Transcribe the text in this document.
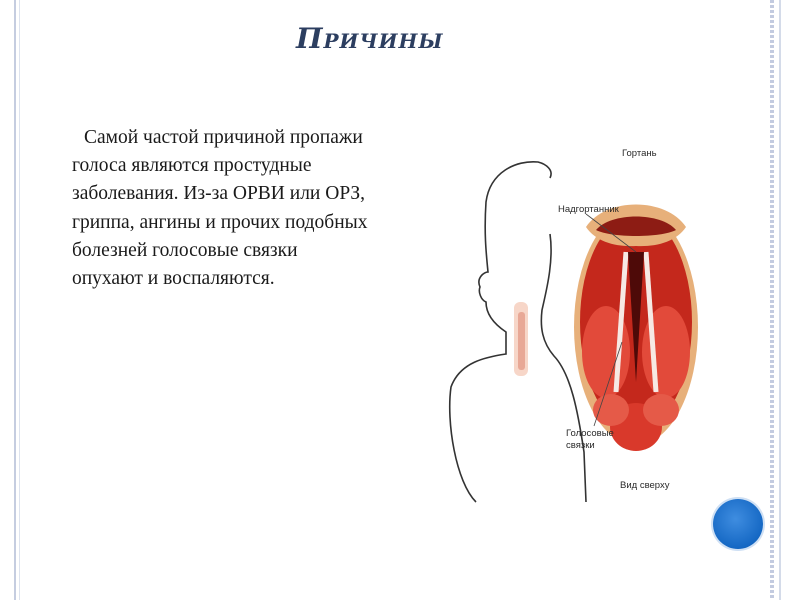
Причины
Самой частой причиной пропажи голоса являются простудные заболевания. Из-за ОРВИ или ОРЗ, гриппа, ангины и прочих подобных болезней голосовые связки опухают и воспаляются.
Гортань
Надгортанник
Голосовые
связки
Вид сверху
